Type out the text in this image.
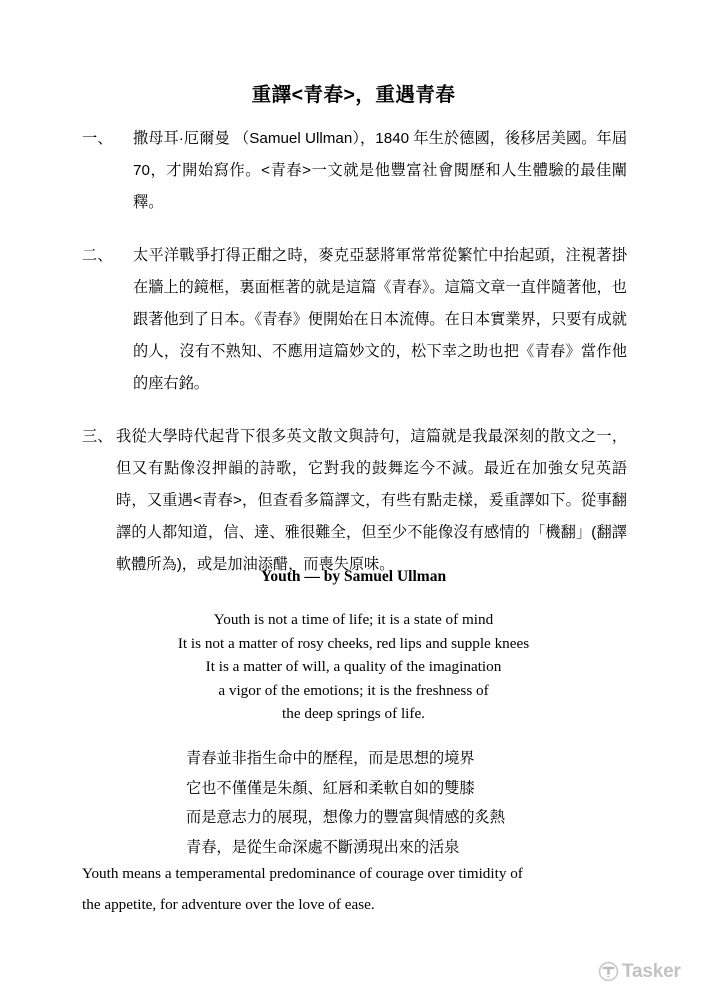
重譯<青春>，重遇青春
一、	撒母耳·厄爾曼 （Samuel Ullman），1840 年生於德國，後移居美國。年屆 70，才開始寫作。<青春>一文就是他豐富社會閱歷和人生體驗的最佳闡釋。
二、	太平洋戰爭打得正酣之時，麥克亞瑟將軍常常從繁忙中抬起頭，注視著掛在牆上的鏡框，裏面框著的就是這篇《青春》。這篇文章一直伴隨著他，也跟著他到了日本。《青春》便開始在日本流傳。在日本實業界，只要有成就的人，沒有不熟知、不應用這篇妙文的，松下幸之助也把《青春》當作他的座右銘。
三、 我從大學時代起背下很多英文散文與詩句，這篇就是我最深刻的散文之一，但又有點像沒押韻的詩歌，它對我的鼓舞迄今不減。最近在加強女兒英語時，又重遇<青春>，但查看多篇譯文，有些有點走樣，爰重譯如下。從事翻譯的人都知道，信、達、雅很難全，但至少不能像沒有感情的「機翻」(翻譯軟體所為)，或是加油添醋，而喪失原味。
Youth — by Samuel Ullman
Youth is not a time of life; it is a state of mind
It is not a matter of rosy cheeks, red lips and supple knees
It is a matter of will, a quality of the imagination
a vigor of the emotions; it is the freshness of
the deep springs of life.
青春並非指生命中的歷程，而是思想的境界
它也不僅僅是朱顏、紅唇和柔軟自如的雙膝
而是意志力的展現，想像力的豐富與情感的炙熱
青春，是從生命深處不斷湧現出來的活泉
Youth means a temperamental predominance of courage over timidity of
the appetite, for adventure over the love of ease.
Tasker
